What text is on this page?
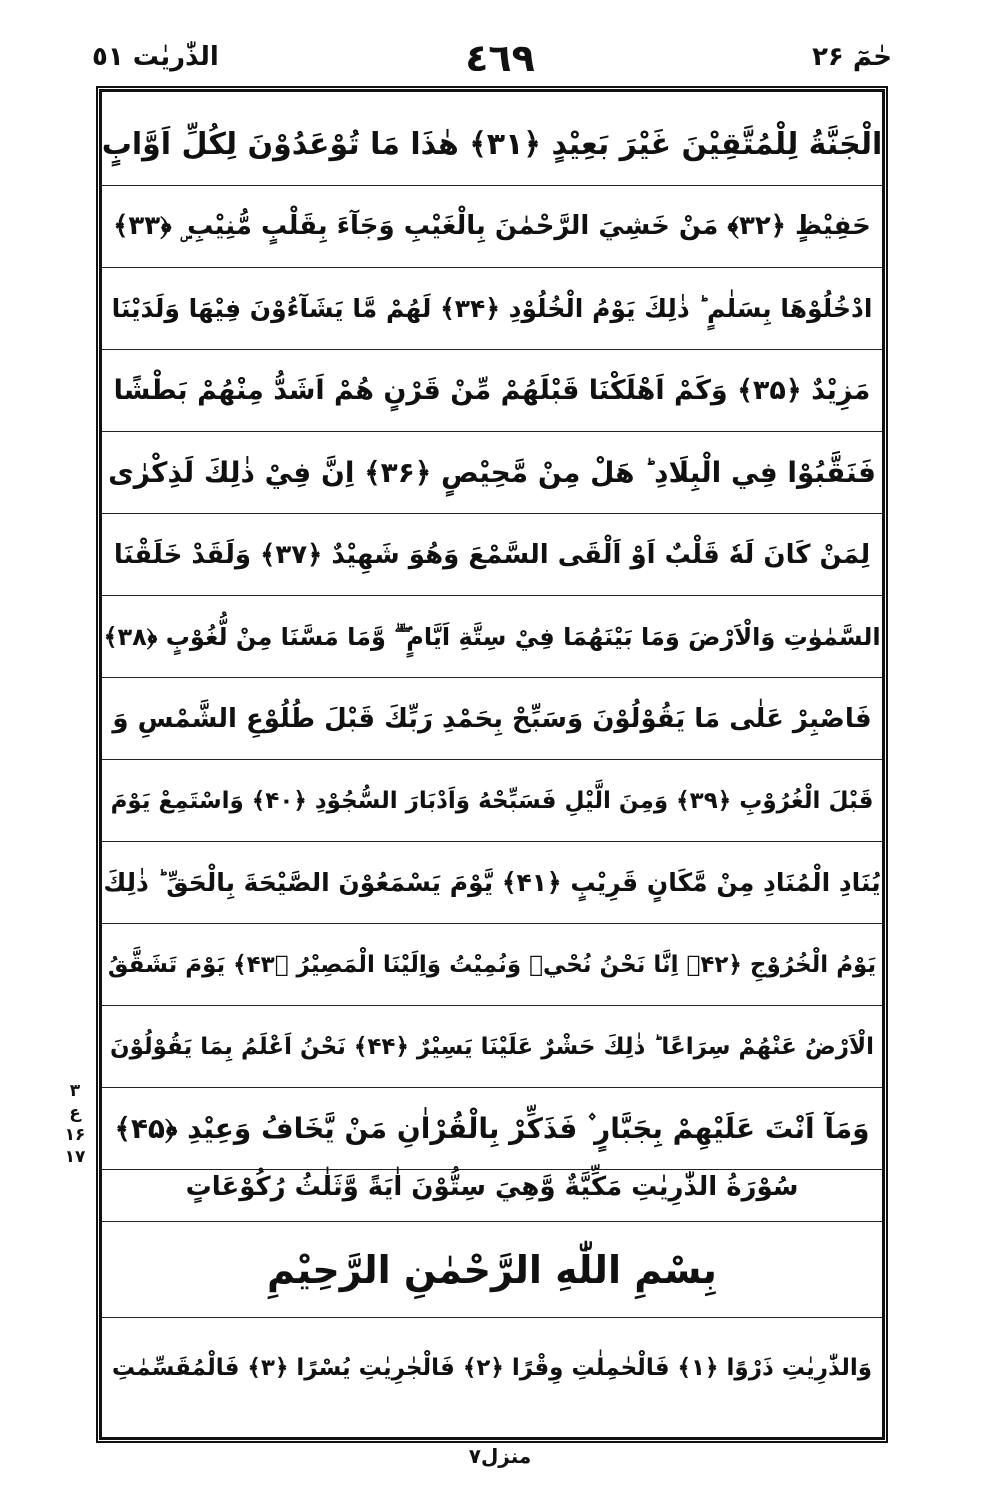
حٰمٓ ۲۶
٤٦٩
الذّٰريٰت ٥١
الْجَنَّةُ لِلْمُتَّقِيْنَ غَيْرَ بَعِيْدٍ ﴿۳۱﴾ هٰذَا مَا تُوْعَدُوْنَ لِكُلِّ اَوَّابٍ
حَفِيْظٍ ﴿۳۲﴾ مَنْ خَشِيَ الرَّحْمٰنَ بِالْغَيْبِ وَجَآءَ بِقَلْبٍ مُّنِيْبِ ۣ ﴿۳۳﴾
ادْخُلُوْهَا بِسَلٰمٍ ؕ ذٰلِكَ يَوْمُ الْخُلُوْدِ ﴿۳۴﴾ لَهُمْ مَّا يَشَآءُوْنَ فِيْهَا وَلَدَيْنَا
مَزِيْدٌ ﴿۳۵﴾ وَكَمْ اَهْلَكْنَا قَبْلَهُمْ مِّنْ قَرْنٍ هُمْ اَشَدُّ مِنْهُمْ بَطْشًا
فَنَقَّبُوْا فِي الْبِلَادِ ؕ هَلْ مِنْ مَّحِيْصٍ ﴿۳۶﴾ اِنَّ فِيْ ذٰلِكَ لَذِكْرٰى
لِمَنْ كَانَ لَهٗ قَلْبٌ اَوْ اَلْقَى السَّمْعَ وَهُوَ شَهِيْدٌ ﴿۳۷﴾ وَلَقَدْ خَلَقْنَا
السَّمٰوٰتِ وَالْاَرْضَ وَمَا بَيْنَهُمَا فِيْ سِتَّةِ اَيَّامٍ ۖ ۗ وَّمَا مَسَّنَا مِنْ لُّغُوْبٍ ﴿۳۸﴾
فَاصْبِرْ عَلٰى مَا يَقُوْلُوْنَ وَسَبِّحْ بِحَمْدِ رَبِّكَ قَبْلَ طُلُوْعِ الشَّمْسِ وَ
قَبْلَ الْغُرُوْبِ ﴿۳۹﴾ وَمِنَ الَّيْلِ فَسَبِّحْهُ وَاَدْبَارَ السُّجُوْدِ ﴿۴۰﴾ وَاسْتَمِعْ يَوْمَ
يُنَادِ الْمُنَادِ مِنْ مَّكَانٍ قَرِيْبٍ ﴿۴۱﴾ يَّوْمَ يَسْمَعُوْنَ الصَّيْحَةَ بِالْحَقِّ ؕ ذٰلِكَ
يَوْمُ الْخُرُوْجِ ﴿۴۲﴾ اِنَّا نَحْنُ نُحْيٖ وَنُمِيْتُ وَاِلَيْنَا الْمَصِيْرُ ﴿۴۳﴾ يَوْمَ تَشَقَّقُ
الْاَرْضُ عَنْهُمْ سِرَاعًا ؕ ذٰلِكَ حَشْرٌ عَلَيْنَا يَسِيْرٌ ﴿۴۴﴾ نَحْنُ اَعْلَمُ بِمَا يَقُوْلُوْنَ
وَمَآ اَنْتَ عَلَيْهِمْ بِجَبَّارٍ ۫ فَذَكِّرْ بِالْقُرْاٰنِ مَنْ يَّخَافُ وَعِيْدِ ﴿۴۵﴾
سُوْرَةُ الذّٰرِيٰتِ مَكِّيَّةٌ وَّهِيَ سِتُّوْنَ اٰيَةً وَّثَلٰثُ رُكُوْعَاتٍ
بِسْمِ اللّٰهِ الرَّحْمٰنِ الرَّحِيْمِ
وَالذّٰرِيٰتِ ذَرْوًا ﴿۱﴾ فَالْحٰمِلٰتِ وِقْرًا ﴿۲﴾ فَالْجٰرِيٰتِ يُسْرًا ﴿۳﴾ فَالْمُقَسِّمٰتِ
۳
ع
۱۶
۱۷
منزل۷
